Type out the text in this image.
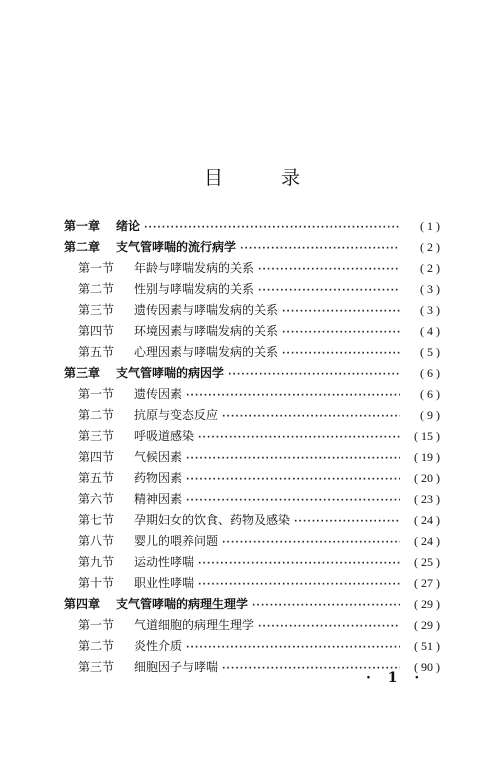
目 录
第一章	绪论 ·····	( 1 )
第二章	支气管哮喘的流行病学 ·····	( 2 )
第一节	年龄与哮喘发病的关系 ·····	( 2 )
第二节	性别与哮喘发病的关系 ·····	( 3 )
第三节	遗传因素与哮喘发病的关系 ·····	( 3 )
第四节	环境因素与哮喘发病的关系 ·····	( 4 )
第五节	心理因素与哮喘发病的关系 ·····	( 5 )
第三章	支气管哮喘的病因学 ·····	( 6 )
第一节	遗传因素 ·····	( 6 )
第二节	抗原与变态反应 ·····	( 9 )
第三节	呼吸道感染 ·····	( 15 )
第四节	气候因素 ·····	( 19 )
第五节	药物因素 ·····	( 20 )
第六节	精神因素 ·····	( 23 )
第七节	孕期妇女的饮食、药物及感染 ·····	( 24 )
第八节	婴儿的喂养问题 ·····	( 24 )
第九节	运动性哮喘 ·····	( 25 )
第十节	职业性哮喘 ·····	( 27 )
第四章	支气管哮喘的病理生理学 ·····	( 29 )
第一节	气道细胞的病理生理学 ·····	( 29 )
第二节	炎性介质 ·····	( 51 )
第三节	细胞因子与哮喘 ·····	( 90 )
· 1 ·
